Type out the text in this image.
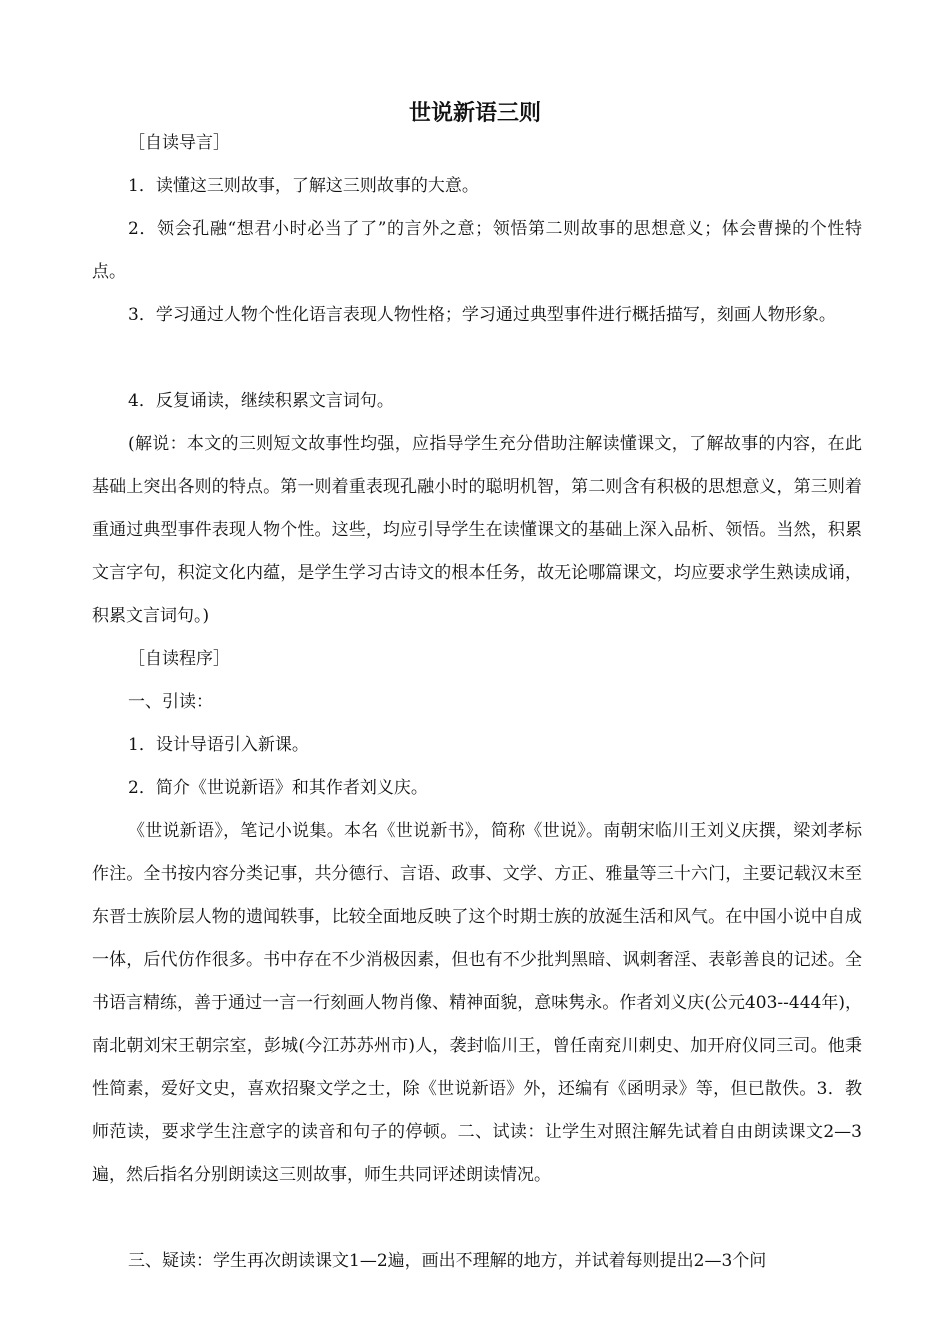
世说新语三则
［自读导言］
1．读懂这三则故事，了解这三则故事的大意。
2．领会孔融“想君小时必当了了”的言外之意；领悟第二则故事的思想意义；体会曹操的个性特点。
3．学习通过人物个性化语言表现人物性格；学习通过典型事件进行概括描写，刻画人物形象。
4．反复诵读，继续积累文言词句。
(解说：本文的三则短文故事性均强，应指导学生充分借助注解读懂课文，了解故事的内容，在此基础上突出各则的特点。第一则着重表现孔融小时的聪明机智，第二则含有积极的思想意义，第三则着重通过典型事件表现人物个性。这些，均应引导学生在读懂课文的基础上深入品析、领悟。当然，积累文言字句，积淀文化内蕴，是学生学习古诗文的根本任务，故无论哪篇课文，均应要求学生熟读成诵，积累文言词句。)
［自读程序］
一、引读：
1．设计导语引入新课。
2．简介《世说新语》和其作者刘义庆。
《世说新语》，笔记小说集。本名《世说新书》，简称《世说》。南朝宋临川王刘义庆撰，梁刘孝标作注。全书按内容分类记事，共分德行、言语、政事、文学、方正、雅量等三十六门，主要记载汉末至东晋士族阶层人物的遗闻轶事，比较全面地反映了这个时期士族的放涎生活和风气。在中国小说中自成一体，后代仿作很多。书中存在不少消极因素，但也有不少批判黑暗、讽刺奢淫、表彰善良的记述。全书语言精练，善于通过一言一行刻画人物肖像、精神面貌，意味隽永。作者刘义庆(公元403--444年)，南北朝刘宋王朝宗室，彭城(今江苏苏州市)人，袭封临川王，曾任南兖川刺史、加开府仪同三司。他秉性简素，爱好文史，喜欢招聚文学之士，除《世说新语》外，还编有《函明录》等，但已散佚。3．教师范读，要求学生注意字的读音和句子的停顿。二、试读：让学生对照注解先试着自由朗读课文2—3遍，然后指名分别朗读这三则故事，师生共同评述朗读情况。
三、疑读：学生再次朗读课文1—2遍，画出不理解的地方，并试着每则提出2—3个问
